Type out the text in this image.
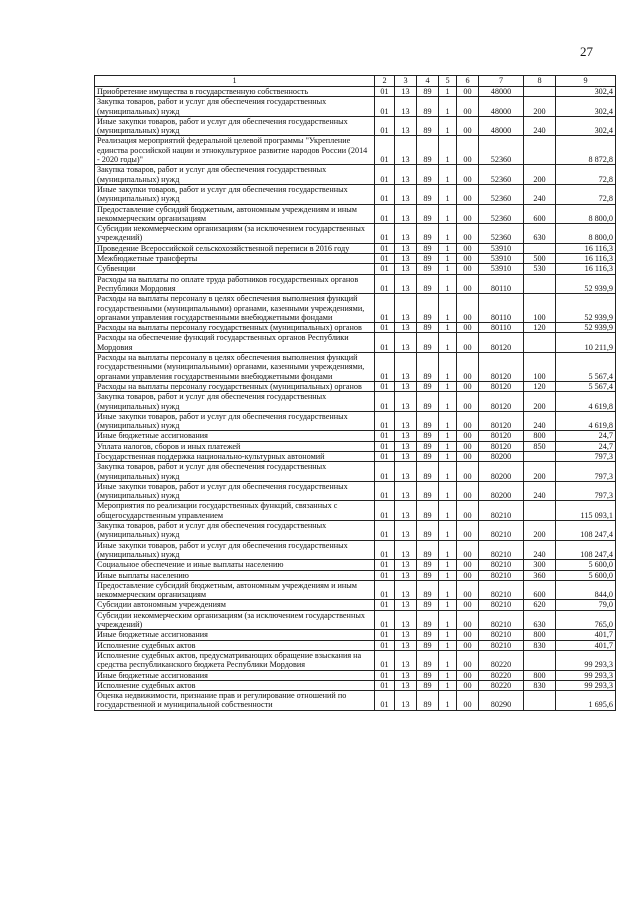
27
1	2	3	4	5	6	7	8	9
Приобретение имущества в государственную собственность	01	13	89	1	00	48000		302,4
Закупка товаров, работ и услуг для обеспечения государственных (муниципальных) нужд	01	13	89	1	00	48000	200	302,4
Иные закупки товаров, работ и услуг для обеспечения государственных (муниципальных) нужд	01	13	89	1	00	48000	240	302,4
Реализация мероприятий федеральной целевой программы "Укрепление единства российской нации и этнокультурное развитие народов России (2014 - 2020 годы)"	01	13	89	1	00	52360		8 872,8
Закупка товаров, работ и услуг для обеспечения государственных (муниципальных) нужд	01	13	89	1	00	52360	200	72,8
Иные закупки товаров, работ и услуг для обеспечения государственных (муниципальных) нужд	01	13	89	1	00	52360	240	72,8
Предоставление субсидий бюджетным, автономным учреждениям и иным некоммерческим организациям	01	13	89	1	00	52360	600	8 800,0
Субсидии некоммерческим организациям (за исключением государственных учреждений)	01	13	89	1	00	52360	630	8 800,0
Проведение Всероссийской сельскохозяйственной переписи в 2016 году	01	13	89	1	00	53910		16 116,3
Межбюджетные трансферты	01	13	89	1	00	53910	500	16 116,3
Субвенции	01	13	89	1	00	53910	530	16 116,3
Расходы на выплаты по оплате труда работников государственных органов Республики Мордовия	01	13	89	1	00	80110		52 939,9
Расходы на выплаты персоналу в целях обеспечения выполнения функций государственными (муниципальными) органами, казенными учреждениями, органами управления государственными внебюджетными фондами	01	13	89	1	00	80110	100	52 939,9
Расходы на выплаты персоналу государственных (муниципальных) органов	01	13	89	1	00	80110	120	52 939,9
Расходы на обеспечение функций государственных органов Республики Мордовия	01	13	89	1	00	80120		10 211,9
Расходы на выплаты персоналу в целях обеспечения выполнения функций государственными (муниципальными) органами, казенными учреждениями, органами управления государственными внебюджетными фондами	01	13	89	1	00	80120	100	5 567,4
Расходы на выплаты персоналу государственных (муниципальных) органов	01	13	89	1	00	80120	120	5 567,4
Закупка товаров, работ и услуг для обеспечения государственных (муниципальных) нужд	01	13	89	1	00	80120	200	4 619,8
Иные закупки товаров, работ и услуг для обеспечения государственных (муниципальных) нужд	01	13	89	1	00	80120	240	4 619,8
Иные бюджетные ассигнования	01	13	89	1	00	80120	800	24,7
Уплата налогов, сборов и иных платежей	01	13	89	1	00	80120	850	24,7
Государственная поддержка национально-культурных автономий	01	13	89	1	00	80200		797,3
Закупка товаров, работ и услуг для обеспечения государственных (муниципальных) нужд	01	13	89	1	00	80200	200	797,3
Иные закупки товаров, работ и услуг для обеспечения государственных (муниципальных) нужд	01	13	89	1	00	80200	240	797,3
Мероприятия по реализации государственных функций, связанных с общегосударственным управлением	01	13	89	1	00	80210		115 093,1
Закупка товаров, работ и услуг для обеспечения государственных (муниципальных) нужд	01	13	89	1	00	80210	200	108 247,4
Иные закупки товаров, работ и услуг для обеспечения государственных (муниципальных) нужд	01	13	89	1	00	80210	240	108 247,4
Социальное обеспечение и иные выплаты населению	01	13	89	1	00	80210	300	5 600,0
Иные выплаты населению	01	13	89	1	00	80210	360	5 600,0
Предоставление субсидий бюджетным, автономным учреждениям и иным некоммерческим организациям	01	13	89	1	00	80210	600	844,0
Субсидии автономным учреждениям	01	13	89	1	00	80210	620	79,0
Субсидии некоммерческим организациям (за исключением государственных учреждений)	01	13	89	1	00	80210	630	765,0
Иные бюджетные ассигнования	01	13	89	1	00	80210	800	401,7
Исполнение судебных актов	01	13	89	1	00	80210	830	401,7
Исполнение судебных актов, предусматривающих обращение взыскания на средства республиканского бюджета Республики Мордовия	01	13	89	1	00	80220		99 293,3
Иные бюджетные ассигнования	01	13	89	1	00	80220	800	99 293,3
Исполнение судебных актов	01	13	89	1	00	80220	830	99 293,3
Оценка недвижимости, признание прав и регулирование отношений по государственной и муниципальной собственности	01	13	89	1	00	80290		1 695,6
